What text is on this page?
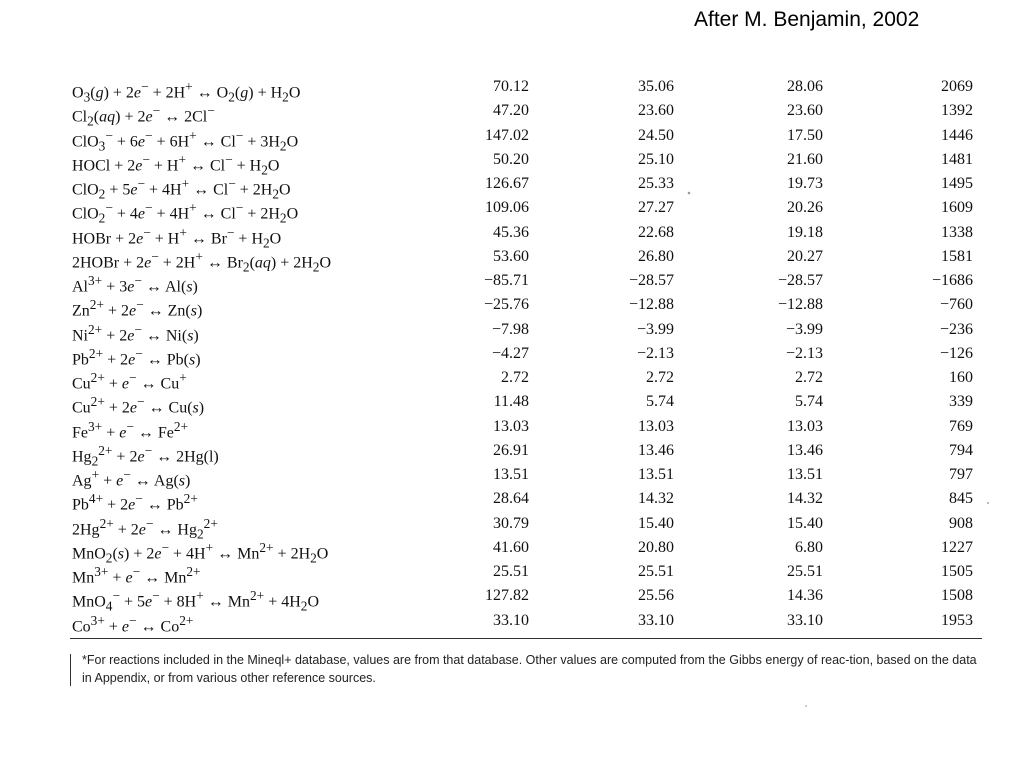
After M. Benjamin, 2002
$O_3(g) + 2e^- + 2H^+$ ↔ $O_2(g) + H_2O$	70.12	35.06	28.06	2069
$Cl_2(aq) + 2e^-$ ↔ 2Cl−	47.20	23.60	23.60	1392
ClO$_3$− + 6e− + 6H+ ↔ $Cl^- + 3H_2O$	147.02	24.50	17.50	1446
HOCl + 2e− + H+ ↔ $Cl^- + H_2O$	50.20	25.10	21.60	1481
ClO$_2$ + 5e− + 4H+ ↔ $Cl^- + 2H_2O$	126.67	25.33	19.73	1495
ClO$_2$− + 4e− + 4H+ ↔ $Cl^- + 2H_2O$	109.06	27.27	20.26	1609
HOBr + 2e− + H+ ↔ $Br^- + H_2O$	45.36	22.68	19.18	1338
2HOBr + 2e− + 2H+ ↔ $Br_2(aq) + 2H_2O$	53.60	26.80	20.27	1581
$Al^{3+} + 3e^-$ ↔ Al(s)	−85.71	−28.57	−28.57	−1686
$Zn^{2+} + 2e^-$ ↔ Zn(s)	−25.76	−12.88	−12.88	−760
$Ni^{2+} + 2e^-$ ↔ Ni(s)	−7.98	−3.99	−3.99	−236
$Pb^{2+} + 2e^-$ ↔ Pb(s)	−4.27	−2.13	−2.13	−126
$Cu^{2+} + e^-$ ↔ Cu+	2.72	2.72	2.72	160
$Cu^{2+} + 2e^-$ ↔ Cu(s)	11.48	5.74	5.74	339
$Fe^{3+} + e^-$ ↔ $Fe^{2+}$	13.03	13.03	13.03	769
$Hg_2^{2+} + 2e^-$ ↔ 2Hg(l)	26.91	13.46	13.46	794
Ag+ + e− ↔ Ag(s)	13.51	13.51	13.51	797
$Pb^{4+} + 2e^-$ ↔ $Pb^{2+}$	28.64	14.32	14.32	845
$2Hg^{2+} + 2e^-$ ↔ $Hg_2^{2+}$	30.79	15.40	15.40	908
MnO$_2$(s) + 2e− + 4H+ ↔ $Mn^{2+} + 2H_2O$	41.60	20.80	6.80	1227
$Mn^{3+} + e^-$ ↔ $Mn^{2+}$	25.51	25.51	25.51	1505
MnO$_4$− + 5e− + 8H+ ↔ $Mn^{2+} + 4H_2O$	127.82	25.56	14.36	1508
$Co^{3+} + e^-$ ↔ $Co^{2+}$	33.10	33.10	33.10	1953
*For reactions included in the Mineql+ database, values are from that database. Other values are computed from the Gibbs energy of reac-tion, based on the data in Appendix, or from various other reference sources.
